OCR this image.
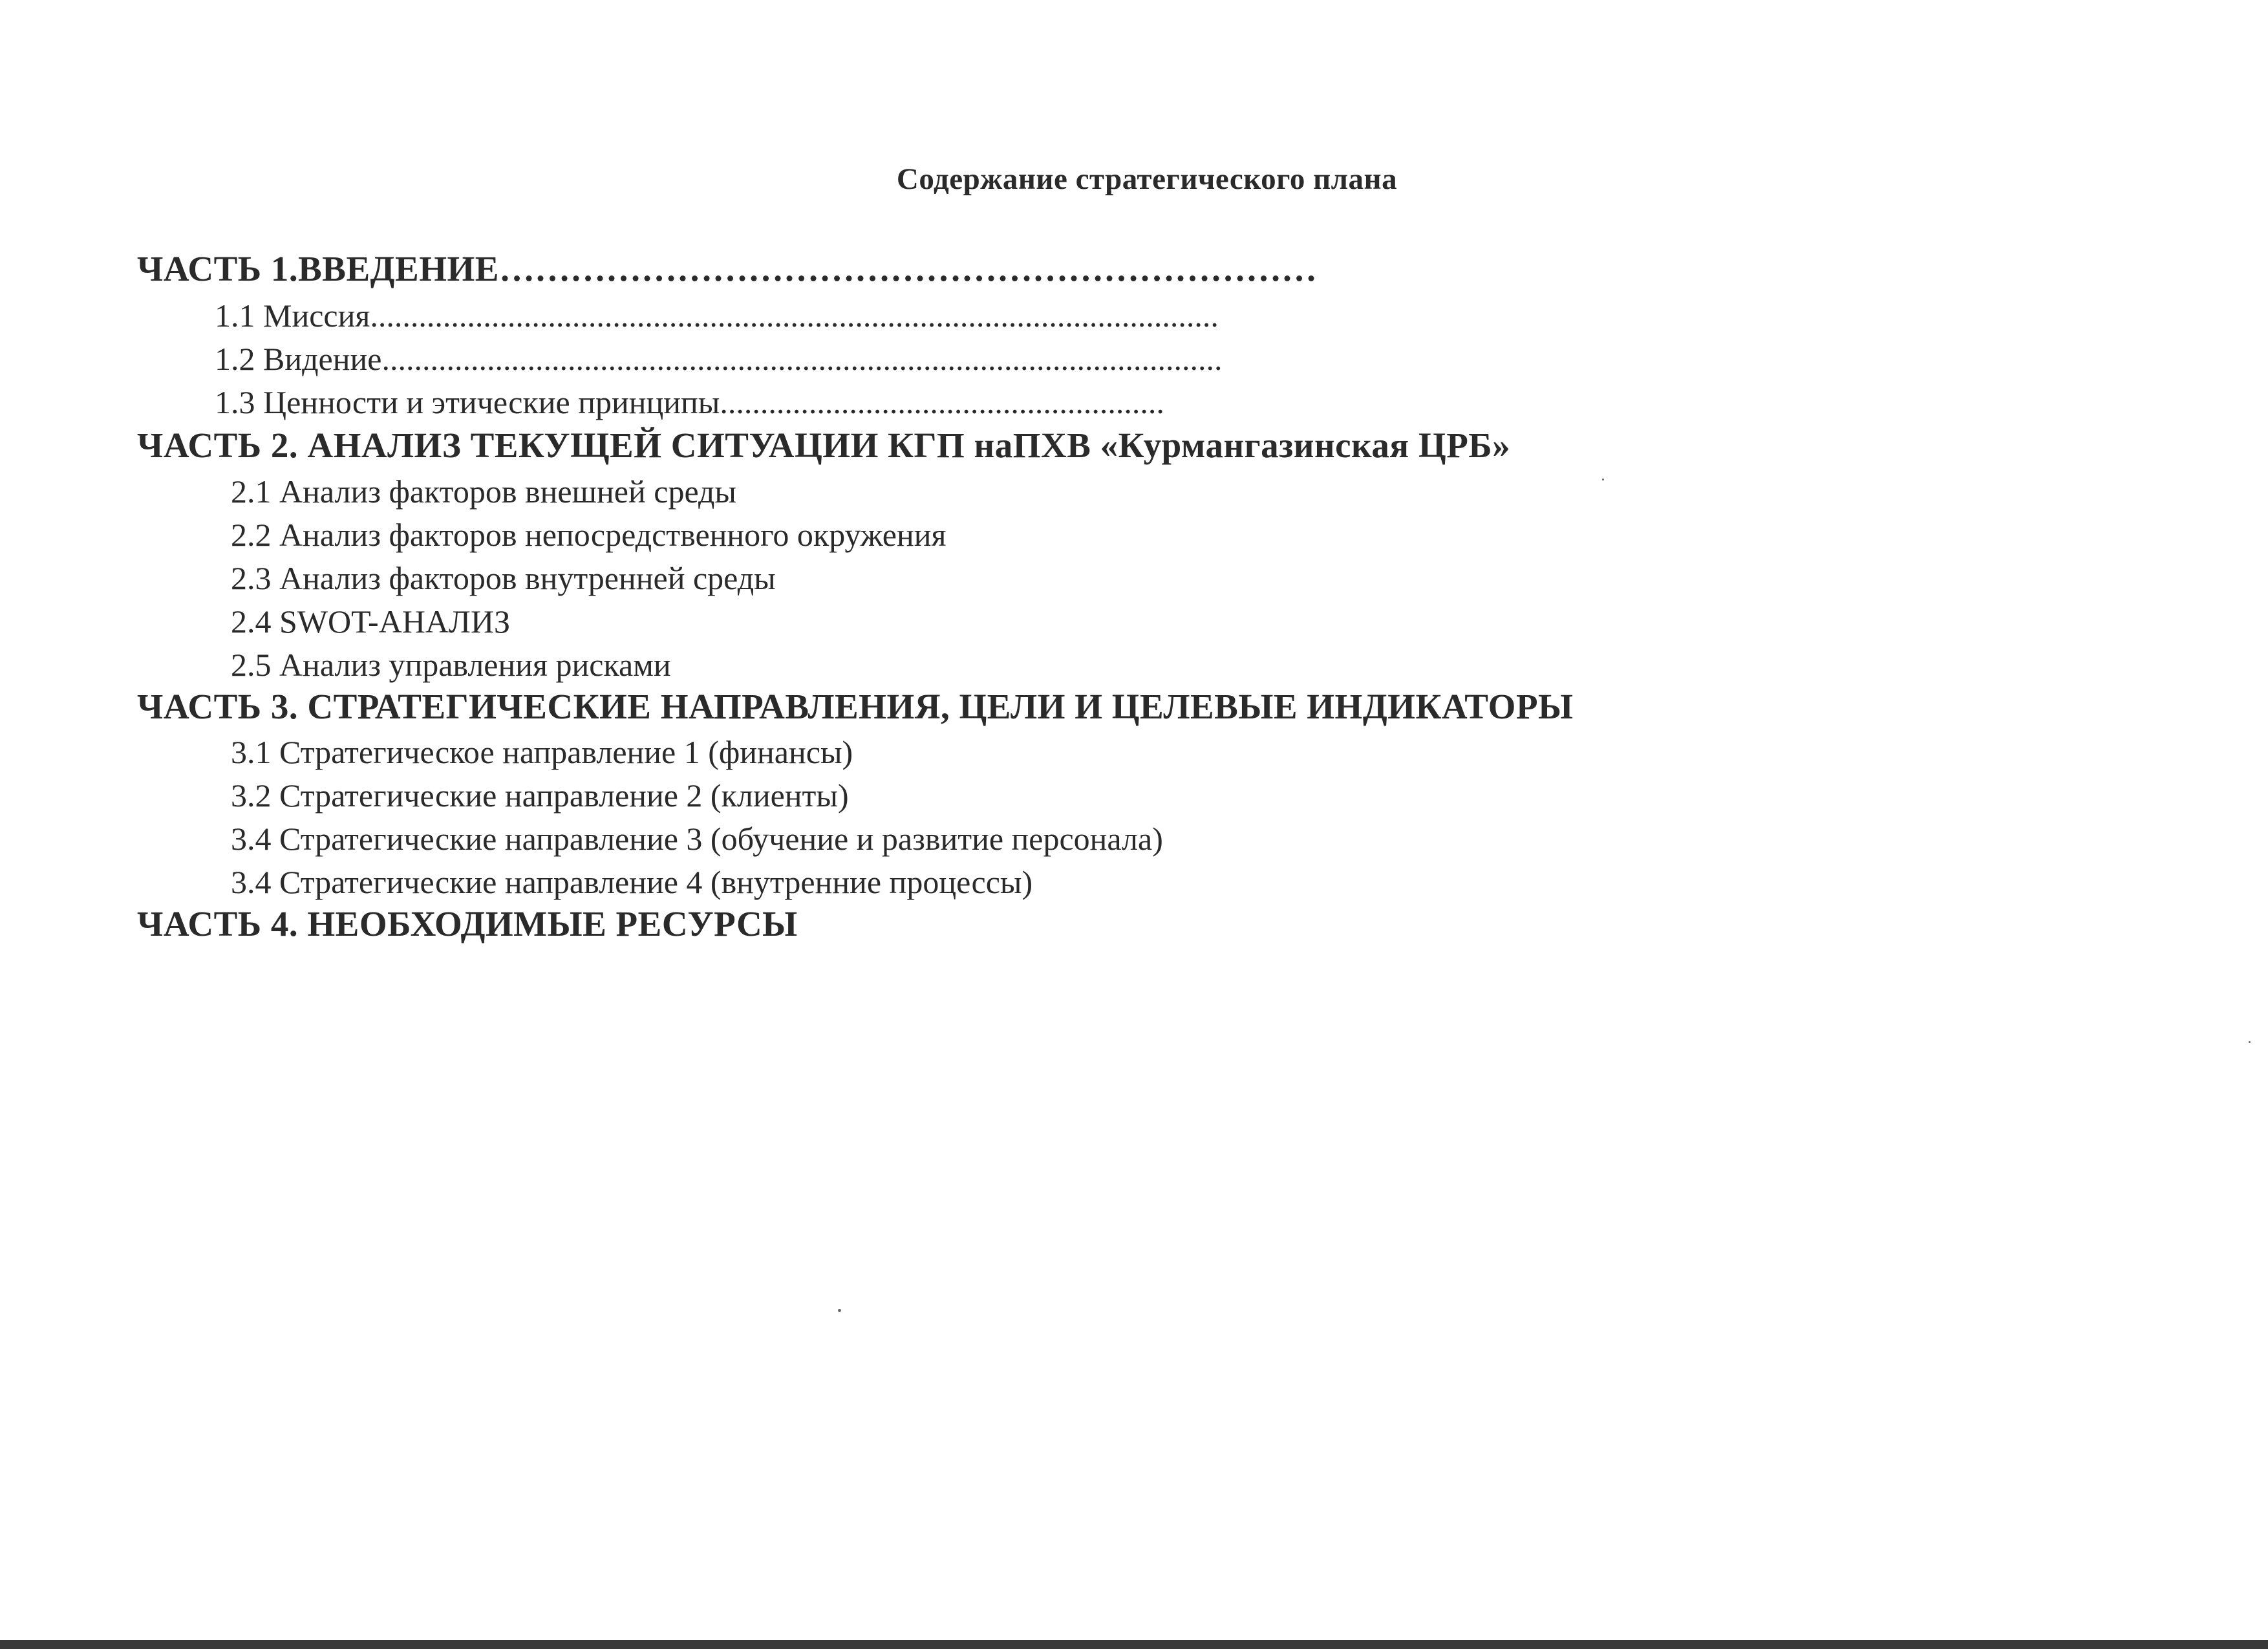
Содержание стратегического плана
ЧАСТЬ 1.ВВЕДЕНИЕ……………………………………………………………
1.1 Миссия.........................................................................................................
1.2 Видение........................................................................................................
1.3 Ценности и этические принципы.......................................................
ЧАСТЬ 2. АНАЛИЗ ТЕКУЩЕЙ СИТУАЦИИ КГП наПХВ «Курмангазинская ЦРБ»
2.1 Анализ факторов внешней среды
2.2 Анализ факторов непосредственного окружения
2.3 Анализ факторов внутренней среды
2.4 SWOT-АНАЛИЗ
2.5 Анализ управления рисками
ЧАСТЬ 3. СТРАТЕГИЧЕСКИЕ НАПРАВЛЕНИЯ, ЦЕЛИ И ЦЕЛЕВЫЕ ИНДИКАТОРЫ
3.1 Стратегическое направление 1 (финансы)
3.2 Стратегические направление 2 (клиенты)
3.4 Стратегические направление 3 (обучение и развитие персонала)
3.4 Стратегические направление 4 (внутренние процессы)
ЧАСТЬ 4. НЕОБХОДИМЫЕ РЕСУРСЫ
